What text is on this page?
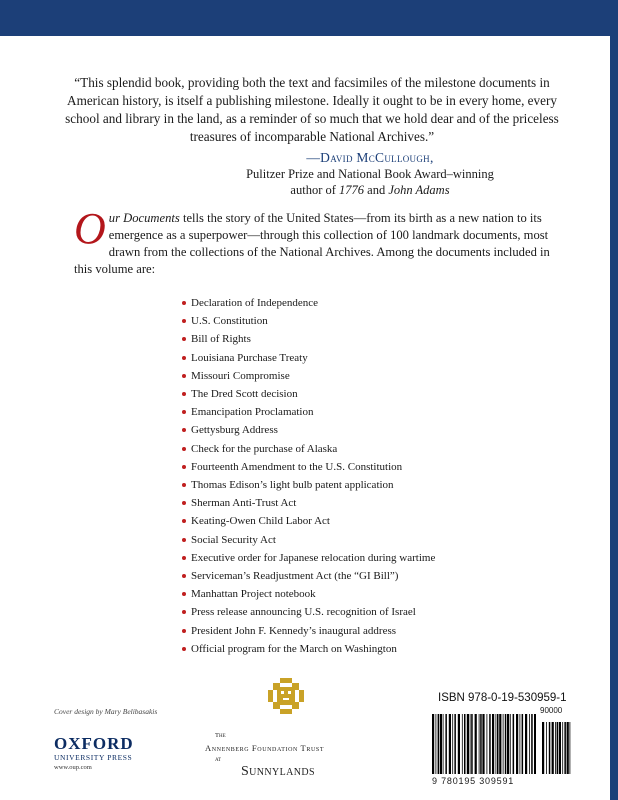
“This splendid book, providing both the text and facsimiles of the milestone documents in American history, is itself a publishing milestone. Ideally it ought to be in every home, every school and library in the land, as a reminder of so much that we hold dear and of the priceless treasures of incomparable National Archives.”
—David McCullough,
Pulitzer Prize and National Book Award–winning
author of 1776 and John Adams
Our Documents tells the story of the United States—from its birth as a new nation to its emergence as a superpower—through this collection of 100 landmark documents, most drawn from the collections of the National Archives. Among the documents included in this volume are:
Declaration of Independence
U.S. Constitution
Bill of Rights
Louisiana Purchase Treaty
Missouri Compromise
The Dred Scott decision
Emancipation Proclamation
Gettysburg Address
Check for the purchase of Alaska
Fourteenth Amendment to the U.S. Constitution
Thomas Edison’s light bulb patent application
Sherman Anti-Trust Act
Keating-Owen Child Labor Act
Social Security Act
Executive order for Japanese relocation during wartime
Serviceman’s Readjustment Act (the “GI Bill”)
Manhattan Project notebook
Press release announcing U.S. recognition of Israel
President John F. Kennedy’s inaugural address
Official program for the March on Washington
Cover design by Mary Belibasakis
OXFORD
UNIVERSITY PRESS
www.oup.com
The
Annenberg Foundation Trust
at
Sunnylands
ISBN 978-0-19-530959-1
90000
9 780195 309591
